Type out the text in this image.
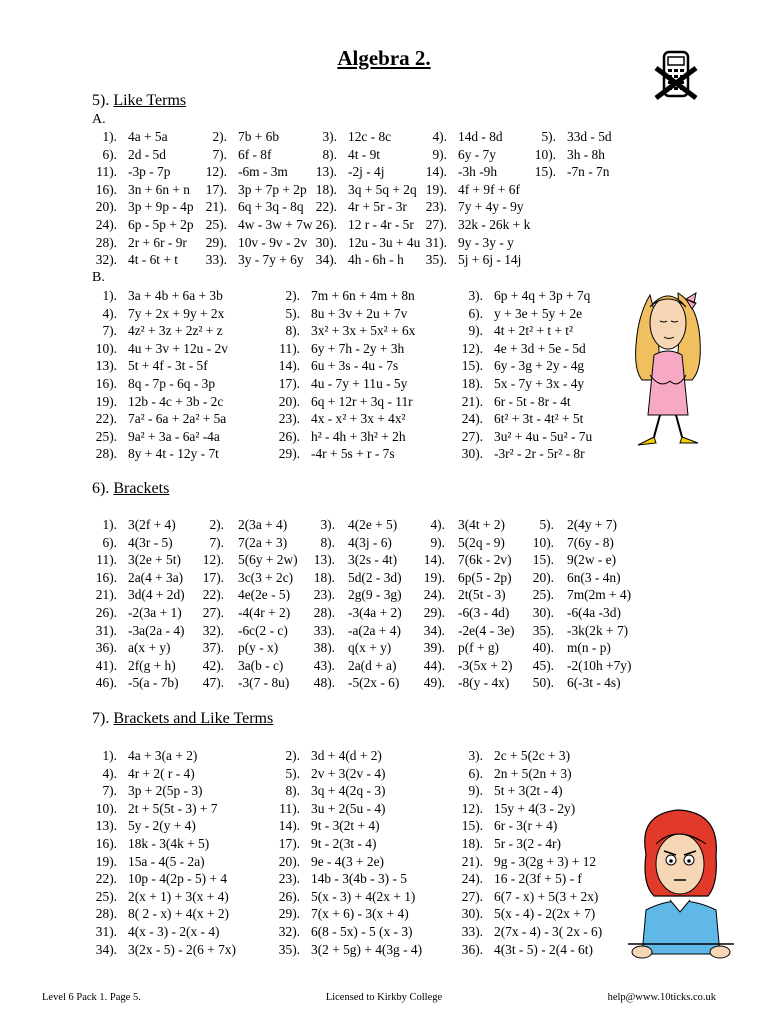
Algebra 2.
5). Like Terms
A.
1). 4a + 5a	2). 7b + 6b	3). 12c - 8c	4). 14d - 8d	5). 33d - 5d
6). 2d - 5d	7). 6f - 8f	8). 4t - 9t	9). 6y - 7y	10). 3h - 8h
11). -3p - 7p	12). -6m - 3m	13). -2j - 4j	14). -3h -9h	15). -7n - 7n
16). 3n + 6n + n	17). 3p + 7p + 2p 18). 3q + 5q + 2q 19). 4f + 9f + 6f
20). 3p + 9p - 4p 21). 6q + 3q - 8q 22). 4r + 5r - 3r	23). 7y + 4y - 9y
24). 6p - 5p + 2p 25). 4w - 3w + 7w 26). 12 r - 4r - 5r 27). 32k - 26k + k
28). 2r + 6r - 9r	29). 10v - 9v - 2v 30). 12u - 3u + 4u 31). 9y - 3y - y
32). 4t - 6t + t	33). 3y - 7y + 6y 34). 4h - 6h - h	35). 5j + 6j - 14j
B.
1). 3a + 4b + 6a + 3b	2). 7m + 6n + 4m + 8n	3). 6p + 4q + 3p + 7q
4). 7y + 2x + 9y + 2x	5). 8u + 3v + 2u + 7v	6). y + 3e + 5y + 2e
7). 4z² + 3z + 2z² + z	8). 3x² + 3x + 5x² + 6x	9). 4t + 2t² + t + t²
10). 4u + 3v + 12u - 2v	11). 6y + 7h - 2y + 3h	12). 4e + 3d + 5e - 5d
13). 5t + 4f - 3t - 5f	14). 6u + 3s - 4u - 7s	15). 6y - 3g + 2y - 4g
16). 8q - 7p - 6q - 3p	17). 4u - 7y + 11u - 5y	18). 5x - 7y + 3x - 4y
19). 12b - 4c + 3b - 2c	20). 6q + 12r + 3q - 11r	21). 6r - 5t - 8r - 4t
22). 7a² - 6a + 2a² + 5a	23). 4x - x² + 3x + 4x²	24). 6t² + 3t - 4t² + 5t
25). 9a² + 3a - 6a² -4a	26). h² - 4h + 3h² + 2h	27). 3u² + 4u - 5u² - 7u
28). 8y + 4t - 12y - 7t	29). -4r + 5s + r - 7s	30). -3r² - 2r - 5r² - 8r
6). Brackets
1). 3(2f + 4)	2). 2(3a + 4)	3). 4(2e + 5)	4). 3(4t + 2)	5). 2(4y + 7)
6). 4(3r - 5)	7). 7(2a + 3)	8). 4(3j - 6)	9). 5(2q - 9)	10). 7(6y - 8)
11). 3(2e + 5t)	12). 5(6y + 2w)	13). 3(2s - 4t)	14). 7(6k - 2v)	15). 9(2w - e)
16). 2a(4 + 3a)	17). 3c(3 + 2c)	18). 5d(2 - 3d)	19). 6p(5 - 2p)	20). 6n(3 - 4n)
21). 3d(4 + 2d)	22). 4e(2e - 5)	23). 2g(9 - 3g)	24). 2t(5t - 3)	25). 7m(2m + 4)
26). -2(3a + 1)	27). -4(4r + 2)	28). -3(4a + 2)	29). -6(3 - 4d)	30). -6(4a -3d)
31). -3a(2a - 4)	32). -6c(2 - c)	33). -a(2a + 4)	34). -2e(4 - 3e)	35). -3k(2k + 7)
36). a(x + y)	37). p(y - x)	38). q(x + y)	39). p(f + g)	40). m(n - p)
41). 2f(g + h)	42). 3a(b - c)	43). 2a(d + a)	44). -3(5x + 2)	45). -2(10h +7y)
46). -5(a - 7b)	47). -3(7 - 8u)	48). -5(2x - 6)	49). -8(y - 4x)	50). 6(-3t - 4s)
7). Brackets and Like Terms
1). 4a + 3(a + 2)	2). 3d + 4(d + 2)	3). 2c + 5(2c + 3)
4). 4r + 2( r - 4)	5). 2v + 3(2v - 4)	6). 2n + 5(2n + 3)
7). 3p + 2(5p - 3)	8). 3q + 4(2q - 3)	9). 5t + 3(2t - 4)
10). 2t + 5(5t - 3) + 7	11). 3u + 2(5u - 4)	12). 15y + 4(3 - 2y)
13). 5y - 2(y + 4)	14). 9t - 3(2t + 4)	15). 6r - 3(r + 4)
16). 18k - 3(4k + 5)	17). 9t - 2(3t - 4)	18). 5r - 3(2 - 4r)
19). 15a - 4(5 - 2a)	20). 9e - 4(3 + 2e)	21). 9g - 3(2g + 3) + 12
22). 10p - 4(2p - 5) + 4	23). 14b - 3(4b - 3) - 5	24). 16 - 2(3f + 5) - f
25). 2(x + 1) + 3(x + 4)	26). 5(x - 3) + 4(2x + 1)	27). 6(7 - x) + 5(3 + 2x)
28). 8( 2 - x) + 4(x + 2)	29). 7(x + 6) - 3(x + 4)	30). 5(x - 4) - 2(2x + 7)
31). 4(x - 3) - 2(x - 4)	32). 6(8 - 5x) - 5 (x - 3)	33). 2(7x - 4) - 3( 2x - 6)
34). 3(2x - 5) - 2(6 + 7x)	35). 3(2 + 5g) + 4(3g - 4)	36). 4(3t - 5) - 2(4 - 6t)
Level 6 Pack 1. Page 5.	Licensed to Kirkby College	help@www.10ticks.co.uk
